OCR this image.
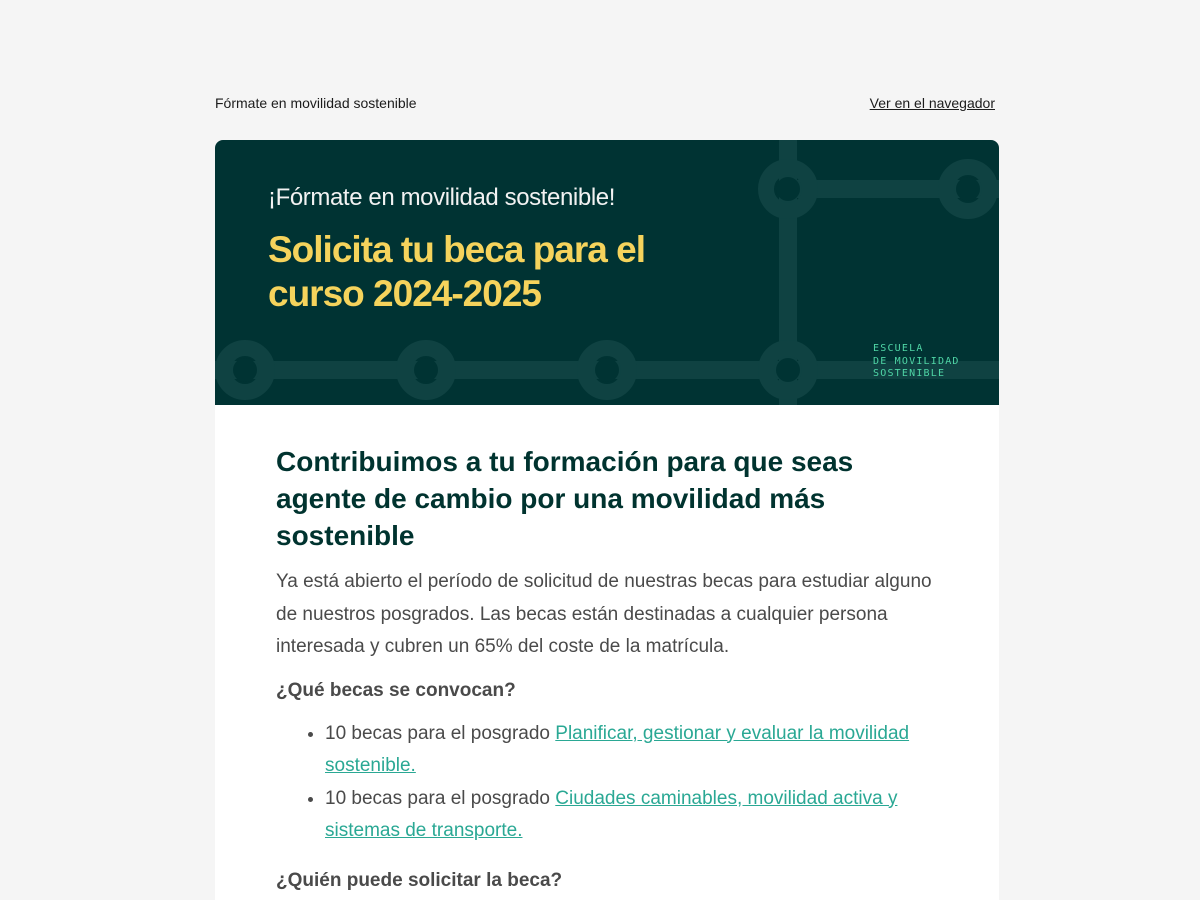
Fórmate en movilidad sostenible	Ver en el navegador
¡Fórmate en movilidad sostenible!
Solicita tu beca para el curso 2024-2025
ESCUELA
DE MOVILIDAD
SOSTENIBLE
Contribuimos a tu formación para que seas agente de cambio por una movilidad más sostenible

Ya está abierto el período de solicitud de nuestras becas para estudiar alguno de nuestros posgrados. Las becas están destinadas a cualquier persona interesada y cubren un 65% del coste de la matrícula.

¿Qué becas se convocan?
• 10 becas para el posgrado Planificar, gestionar y evaluar la movilidad sostenible.
• 10 becas para el posgrado Ciudades caminables, movilidad activa y sistemas de transporte.
¿Quién puede solicitar la beca?
